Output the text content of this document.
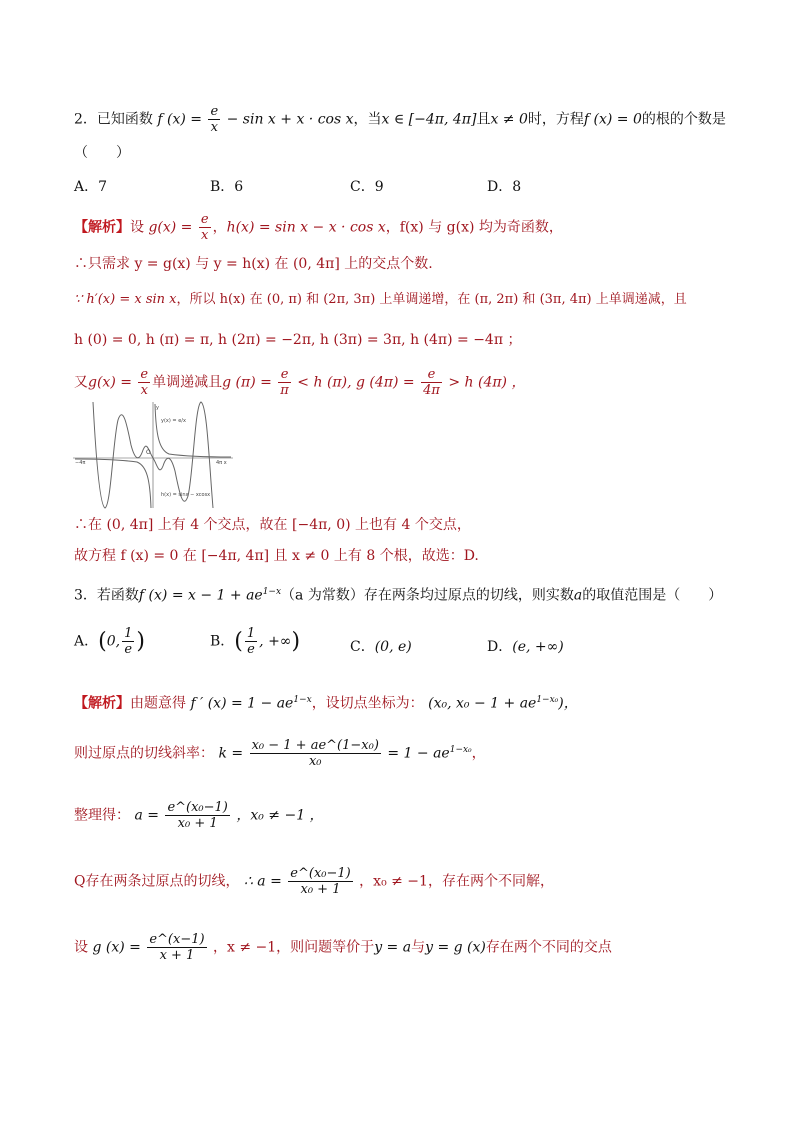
2．已知函数 f $(x) = \frac{e}{x} - \sin x + x \cdot \cos x$，当x ∈ [−4π, 4π]且x ≠ 0时，方程f (x) = 0的根的个数是
（　　）
A．7	B．6	C．9	D．8
【解析】设 $g(x) = \frac{e}{x}$ ，h(x) = sin x − x · cos x，f(x) 与 g(x) 均为奇函数，
∴只需求 y = g(x) 与 y = h(x) 在 (0, 4π] 上的交点个数.
∵ h′(x) = x sin x，所以 h(x) 在 (0, π) 和 (2π, 3π) 上单调递增，在 (π, 2π) 和 (3π, 4π) 上单调递减，且
h (0) = 0, h (π) = π, h (2π) = −2π, h (3π) = 3π, h (4π) = −4π ；
又$g(x) = \frac{e}{x}$ 单调递减且g $(\pi) = \frac{e}{\pi} < h$ (π), g $(4\pi) = \frac{e}{4\pi} > h$ (4π) ，
y
y(x) = e/x
O
−4π	4π x
h(x) = sinx − xcosx
∴在 (0, 4π] 上有 4 个交点，故在 [−4π, 0) 上也有 4 个交点，
故方程 f (x) = 0 在 [−4π, 4π] 且 x ≠ 0 上有 8 个根，故选：D.
3．若函数f $(x) = x - 1 + ae^{1-x}(a$ 为常数）存在两条均过原点的切线，则实数a的取值范围是（　　）
A．(0, $\frac{1}{e}$ )	B．( $\frac{1}{e}$ , +∞)	C．(0, e)	D．(e, +∞)
【解析】由题意得 f ′ $(x) = 1 - ae^{1-x}$，设切点坐标为： (x₀, $x_0 - 1 + ae^{1-x_0}$)，
则过原点的切线斜率： $k = \frac{\text{x₀ − 1 + ae\textasciicircum{}(1−x₀)}}{\text{x₀}} = 1 - ae^{1-x_0}$，
整理得： $a = \frac{\text{e\textasciicircum{}(x₀−1)}}{\text{x₀ + 1}}$ ，x₀ ≠ −1 ，
Q存在两条过原点的切线， ∴ $a = \frac{\text{e\textasciicircum{}(x₀−1)}}{\text{x₀ + 1}}$ ，x₀ ≠ −1，存在两个不同解，
设 g $(x) = \frac{e\^{}(x-1)}{x + 1}$ ，x ≠ −1，则问题等价于y = a与y = g (x)存在两个不同的交点
